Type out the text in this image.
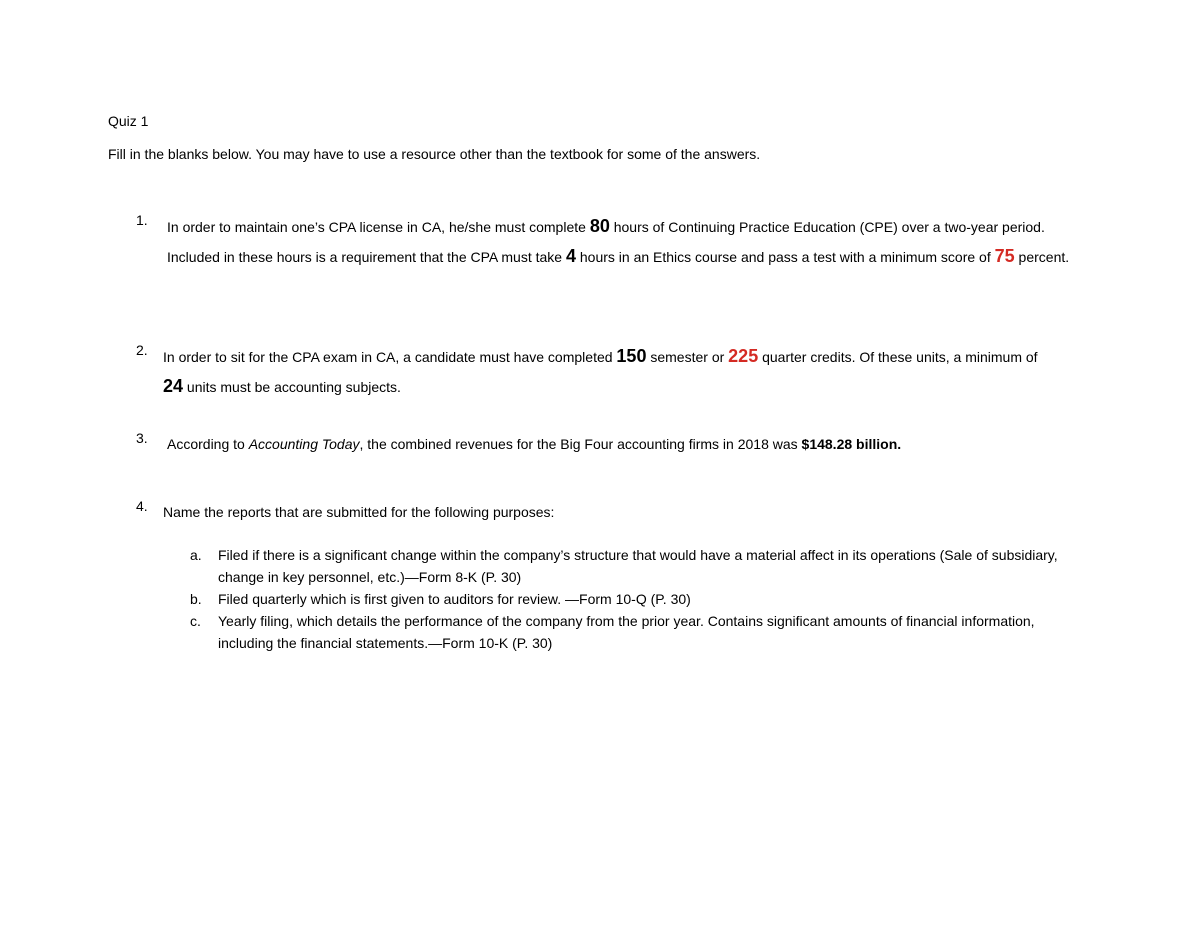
Quiz 1
Fill in the blanks below. You may have to use a resource other than the textbook for some of the answers.
1.	In order to maintain one’s CPA license in CA, he/she must complete 80 hours of Continuing Practice Education (CPE) over a two-year period. Included in these hours is a requirement that the CPA must take 4 hours in an Ethics course and pass a test with a minimum score of 75 percent.
2.	In order to sit for the CPA exam in CA, a candidate must have completed 150 semester or 225 quarter credits. Of these units, a minimum of 24 units must be accounting subjects.
3.	According to Accounting Today, the combined revenues for the Big Four accounting firms in 2018 was $148.28 billion.
4.	Name the reports that are submitted for the following purposes:
a.	Filed if there is a significant change within the company’s structure that would have a material affect in its operations (Sale of subsidiary, change in key personnel, etc.)—Form 8-K (P. 30)
b.	Filed quarterly which is first given to auditors for review. —Form 10-Q (P. 30)
c.	Yearly filing, which details the performance of the company from the prior year. Contains significant amounts of financial information, including the financial statements.—Form 10-K (P. 30)
